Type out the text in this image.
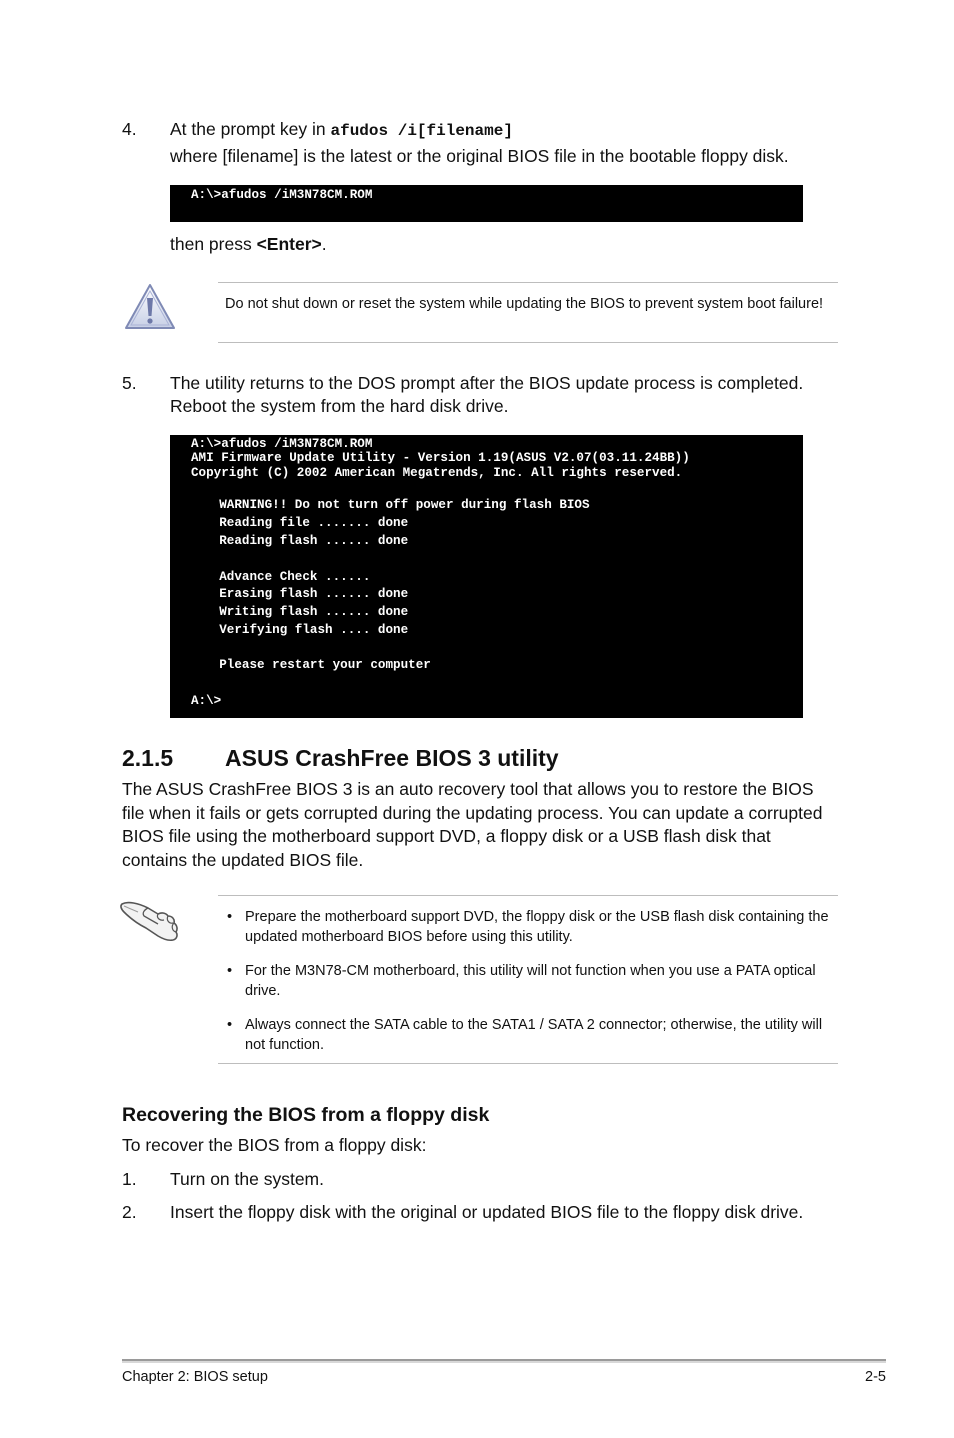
4. At the prompt key in afudos /i[filename]
where [filename] is the latest or the original BIOS file in the bootable floppy disk.

A:\>afudos /iM3N78CM.ROM

then press <Enter>.
Do not shut down or reset the system while updating the BIOS to prevent system boot failure!
5. The utility returns to the DOS prompt after the BIOS update process is completed. Reboot the system from the hard disk drive.

A:\>afudos /iM3N78CM.ROM

AMI Firmware Update Utility - Version 1.19(ASUS V2.07(03.11.24BB))

Copyright (C) 2002 American Megatrends, Inc. All rights reserved.

WARNING!! Do not turn off power during flash BIOS

Reading file ....... done

Reading flash ...... done

Advance Check ......

Erasing flash ...... done

Writing flash ...... done

Verifying flash .... done

Please restart your computer

A:\>

2.1.5 ASUS CrashFree BIOS 3 utility
The ASUS CrashFree BIOS 3 is an auto recovery tool that allows you to restore the BIOS file when it fails or gets corrupted during the updating process. You can update a corrupted BIOS file using the motherboard support DVD, a floppy disk or a USB flash disk that contains the updated BIOS file.
• Prepare the motherboard support DVD, the floppy disk or the USB flash disk containing the updated motherboard BIOS before using this utility.
• For the M3N78-CM motherboard, this utility will not function when you use a PATA optical drive.
• Always connect the SATA cable to the SATA1 / SATA 2 connector; otherwise, the utility will not function.
Recovering the BIOS from a floppy disk
To recover the BIOS from a floppy disk:
1. Turn on the system.
2. Insert the floppy disk with the original or updated BIOS file to the floppy disk drive.
Chapter 2: BIOS setup	2-5
